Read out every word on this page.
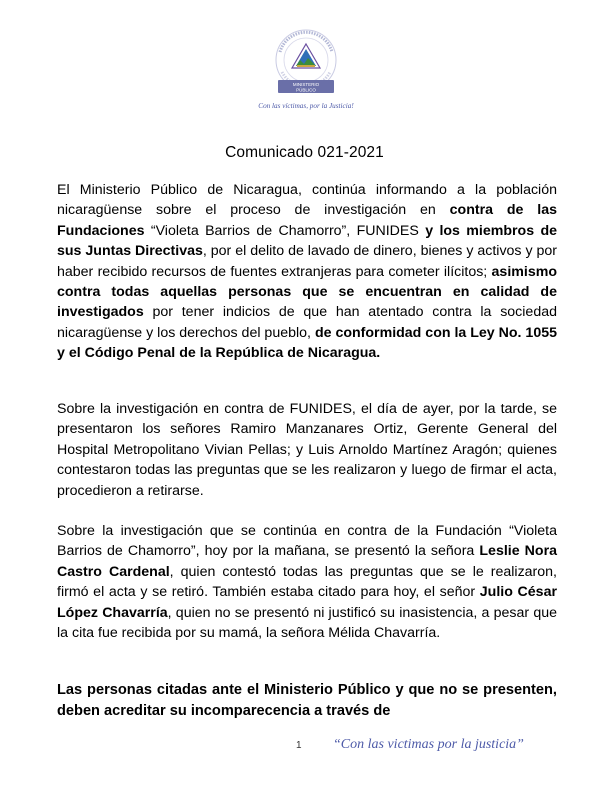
MINISTERIO
PÚBLICO
Con las víctimas, por la Justicia!
Comunicado 021-2021

El Ministerio Público de Nicaragua, continúa informando a la población nicaragüense sobre el proceso de investigación en contra de las Fundaciones “Violeta Barrios de Chamorro”, FUNIDES y los miembros de sus Juntas Directivas, por el delito de lavado de dinero, bienes y activos y por haber recibido recursos de fuentes extranjeras para cometer ilícitos; asimismo contra todas aquellas personas que se encuentran en calidad de investigados por tener indicios de que han atentado contra la sociedad nicaragüense y los derechos del pueblo, de conformidad con la Ley No. 1055 y el Código Penal de la República de Nicaragua.

Sobre la investigación en contra de FUNIDES, el día de ayer, por la tarde, se presentaron los señores Ramiro Manzanares Ortiz, Gerente General del Hospital Metropolitano Vivian Pellas; y Luis Arnoldo Martínez Aragón; quienes contestaron todas las preguntas que se les realizaron y luego de firmar el acta, procedieron a retirarse.

Sobre la investigación que se continúa en contra de la Fundación “Violeta Barrios de Chamorro”, hoy por la mañana, se presentó la señora Leslie Nora Castro Cardenal, quien contestó todas las preguntas que se le realizaron, firmó el acta y se retiró. También estaba citado para hoy, el señor Julio César López Chavarría, quien no se presentó ni justificó su inasistencia, a pesar que la cita fue recibida por su mamá, la señora Mélida Chavarría.

Las personas citadas ante el Ministerio Público y que no se presenten, deben acreditar su incomparecencia a través de

1 “Con las victimas por la justicia”
